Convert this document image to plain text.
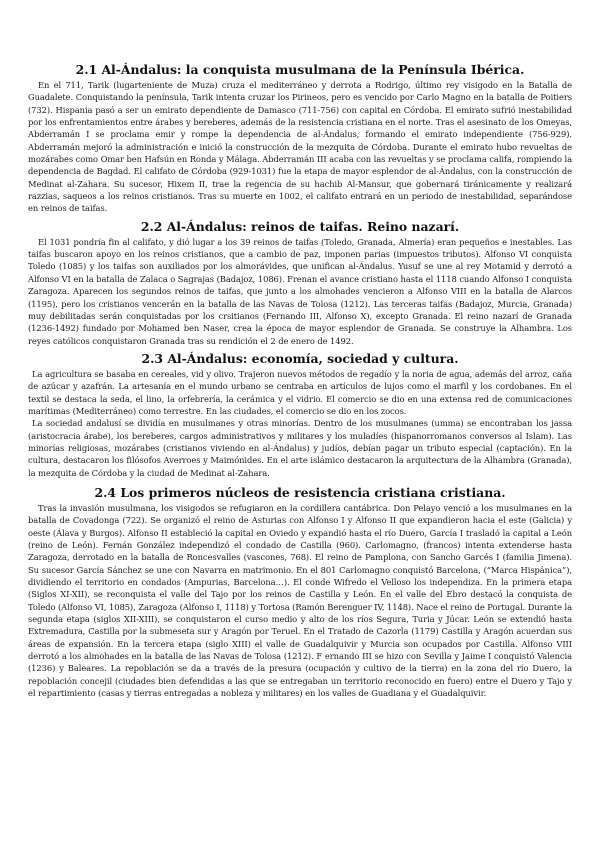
2.1 Al-Ándalus: la conquista musulmana de la Península Ibérica.

En el 711, Tarik (lugarteniente de Muza) cruza el mediterráneo y derrota a Rodrigo, último rey visigodo en la Batalla de Guadalete. Conquistando la península, Tarik intenta cruzar los Pirineos, pero es vencido por Carlo Magno en la batalla de Poitiers (732). Hispania pasó a ser un emirato dependiente de Damasco (711-756) con capital en Córdoba. El emirato sufrió inestabilidad por los enfrentamientos entre árabes y bereberes, además de la resistencia cristiana en el norte. Tras el asesinato de los Omeyas, Abderramán I se proclama emir y rompe la dependencia de al-Ándalus, formando el emirato independiente (756-929). Abderramán mejoró la administración e inició la construcción de la mezquita de Córdoba. Durante el emirato hubo revueltas de mozárabes como Omar ben Hafsún en Ronda y Málaga. Abderramán III acaba con las revueltas y se proclama califa, rompiendo la dependencia de Bagdad. El califato de Córdoba (929-1031) fue la etapa de mayor esplendor de al-Ándalus, con la construcción de Medinat al-Zahara. Su sucesor, Hixem II, trae la regencia de su hachib Al-Mansur, que gobernará tiránicamente y realizará razzias, saqueos a los reinos cristianos. Tras su muerte en 1002, el califato entrará en un periodo de inestabilidad, separándose en reinos de taifas.

2.2 Al-Ándalus: reinos de taifas. Reino nazarí.

El 1031 pondría fin al califato, y dió lugar a los 39 reinos de taifas (Toledo, Granada, Almería) eran pequeños e inestables. Las taifas buscaron apoyo en los reinos cristianos, que a cambio de paz, imponen parias (impuestos tributos). Alfonso VI conquista Toledo (1085) y los taifas son auxiliados por los almorávides, que unifican al-Ándalus. Yusuf se une al rey Motamid y derrotó a Alfonso VI en la batalla de Zalaca o Sagrajas (Badajoz, 1086). Frenan el avance cristiano hasta el 1118 cuando Alfonso I conquista Zaragoza. Aparecen los segundos reinos de taifas, que junto a los almohades vencieron a Alfonso VIII en la batalla de Alarcos (1195), pero los cristianos vencerán en la batalla de las Navas de Tolosa (1212). Las terceras taifas (Badajoz, Murcia, Granada) muy debilitadas serán conquistadas por los crsitianos (Fernando III, Alfonso X), excepto Granada. El reino nazarí de Granada (1236-1492) fundado por Mohamed ben Naser, crea la época de mayor esplendor de Granada. Se construye la Alhambra. Los reyes católicos conquistaron Granada tras su rendición el 2 de enero de 1492.

2.3 Al-Ándalus: economía, sociedad y cultura.

La agricultura se basaba en cereales, vid y olivo. Trajeron nuevos métodos de regadío y la noria de agua, además del arroz, caña de azúcar y azafrán. La artesanía en el mundo urbano se centraba en artículos de lujos como el marfil y los cordobanes. En el textil se destaca la seda, el lino, la orfebrería, la cerámica y el vidrio. El comercio se dio en una extensa red de comunicaciones marítimas (Mediterráneo) como terrestre. En las ciudades, el comercio se dio en los zocos.

La sociedad andalusí se dividía en musulmanes y otras minorías. Dentro de los musulmanes (umma) se encontraban los jassa (aristocracia árabe), los bereberes, cargos administrativos y militares y los muladíes (hispanorromanos conversos al Islam). Las minorías religiosas, mozárabes (cristianos viviendo en al-Ándalus) y judíos, debían pagar un tributo especial (captación). En la cultura, destacaron los filósofos Averroes y Maimónides. En el arte islámico destacaron la arquitectura de la Alhambra (Granada), la mezquita de Córdoba y la ciudad de Medinat al-Zahara.

2.4 Los primeros núcleos de resistencia cristiana cristiana.

Tras la invasión musulmana, los visigodos se refugiaron en la cordillera cantábrica. Don Pelayo venció a los musulmanes en la batalla de Covadonga (722). Se organizó el reino de Asturias con Alfonso I y Alfonso II que expandieron hacia el este (Galicia) y oeste (Álava y Burgos). Alfonso II estableció la capital en Oviedo y expandió hasta el río Duero, García I trasladó la capital a León (reino de León). Fernán González independizó el condado de Castilla (960). Carlomagno, (francos) intenta extenderse hasta Zaragoza, derrotado en la batalla de Roncesvalles (vascones, 768). El reino de Pamplona, con Sancho Garcés I (familia Jimena). Su sucesor García Sánchez se une con Navarra en matrimonio. En el 801 Carlomagno conquistó Barcelona, (“Marca Hispánica”), dividiendo el territorio en condados (Ampurias, Barcelona…). El conde Wifredo el Velloso los independiza. En la primera etapa (Siglos XI-XII), se reconquista el valle del Tajo por los reinos de Castilla y León. En el valle del Ebro destacó la conquista de Toledo (Alfonso VI, 1085), Zaragoza (Alfonso I, 1118) y Tortosa (Ramón Berenguer IV, 1148). Nace el reino de Portugal. Durante la segunda etapa (siglos XII-XIII), se conquistaron el curso medio y alto de los ríos Segura, Turia y Júcar. León se extendió hasta Extremadura, Castilla por la submeseta sur y Aragón por Teruel. En el Tratado de Cazorla (1179) Castilla y Aragón acuerdan sus áreas de expansión. En la tercera etapa (siglo XIII) el valle de Guadalquivir y Murcia son ocupados por Castilla. Alfonso VIII derrotó a los almohades en la batalla de las Navas de Tolosa (1212). F ernando III se hizo con Sevilla y Jaime I conquistó Valencia (1236) y Baleares. La repoblación se da a través de la presura (ocupación y cultivo de la tierra) en la zona del río Duero, la repoblación concejil (ciudades bien defendidas a las que se entregaban un territorio reconocido en fuero) entre el Duero y Tajo y el repartimiento (casas y tierras entregadas a nobleza y militares) en los valles de Guadiana y el Guadalquivir.
